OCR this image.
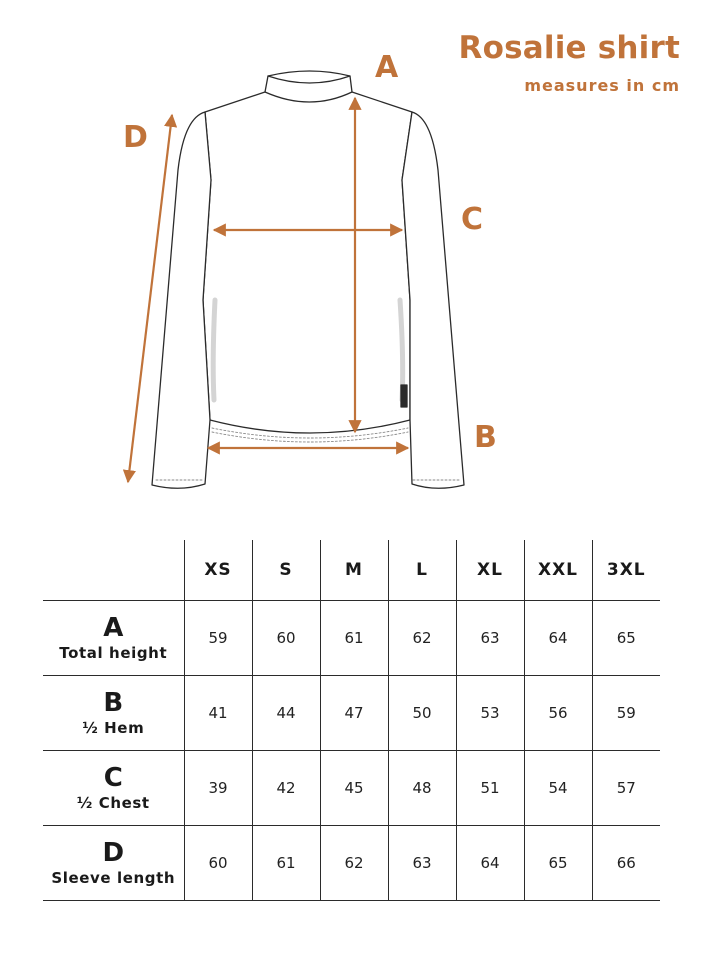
Rosalie shirt
measures in cm
A
B
C
D
	XS	S	M	L	XL	XXL	3XL

A
Total height	59	60	61	62	63	64	65

B
½ Hem	41	44	47	50	53	56	59

C
½ Chest	39	42	45	48	51	54	57

D
Sleeve length	60	61	62	63	64	65	66
